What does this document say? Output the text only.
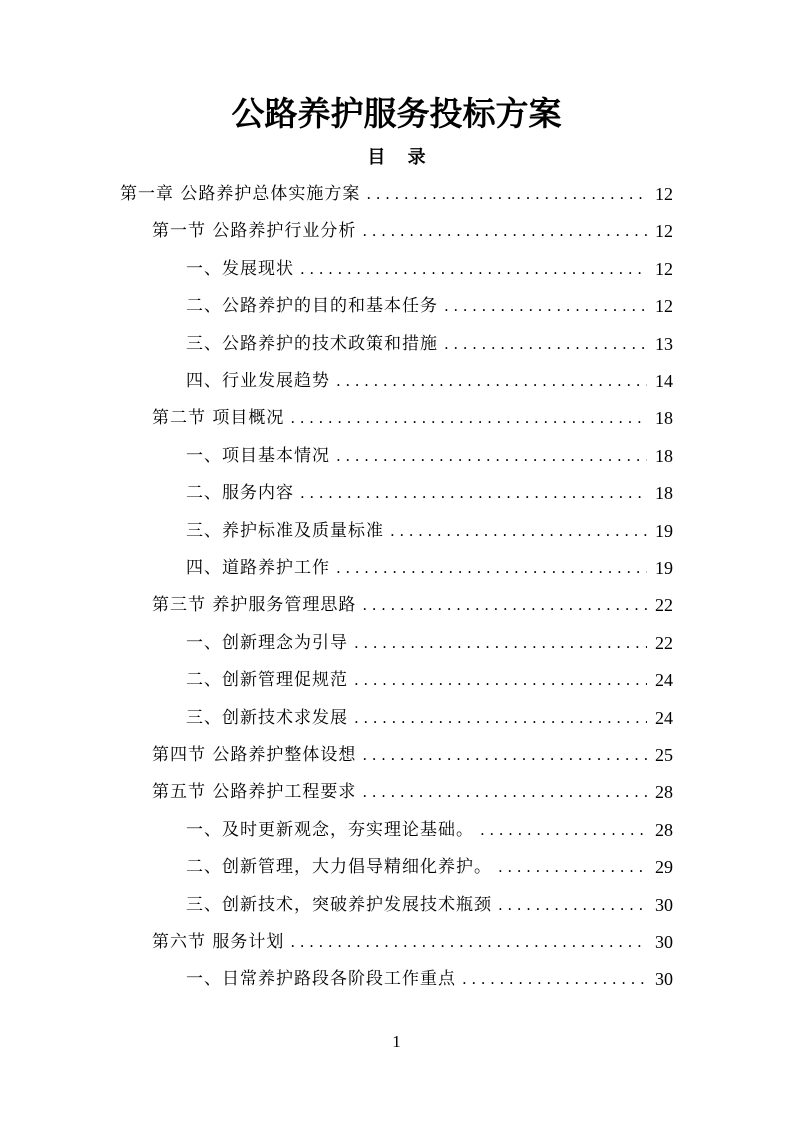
公路养护服务投标方案
目 录
第一章 公路养护总体实施方案 .....	12
第一节 公路养护行业分析 .....	12
一、发展现状 .....	12
二、公路养护的目的和基本任务 .....	12
三、公路养护的技术政策和措施 .....	13
四、行业发展趋势 .....	14
第二节 项目概况 .....	18
一、项目基本情况 .....	18
二、服务内容 .....	18
三、养护标准及质量标准 .....	19
四、道路养护工作 .....	19
第三节 养护服务管理思路 .....	22
一、创新理念为引导 .....	22
二、创新管理促规范 .....	24
三、创新技术求发展 .....	24
第四节 公路养护整体设想 .....	25
第五节 公路养护工程要求 .....	28
一、及时更新观念，夯实理论基础。 .....	28
二、创新管理，大力倡导精细化养护。 .....	29
三、创新技术，突破养护发展技术瓶颈 .....	30
第六节 服务计划 .....	30
一、日常养护路段各阶段工作重点 .....	30
1
